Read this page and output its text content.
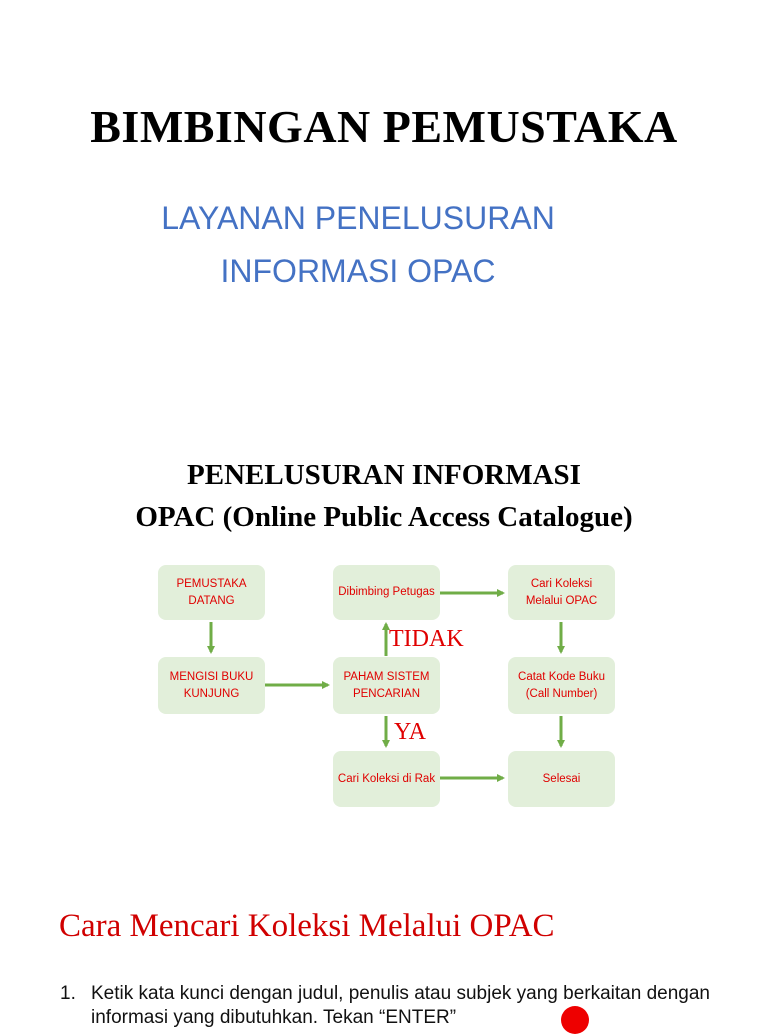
BIMBINGAN PEMUSTAKA
LAYANAN PENELUSURAN
INFORMASI OPAC
PENELUSURAN INFORMASI
OPAC (Online Public Access Catalogue)
PEMUSTAKA DATANG
MENGISI BUKU KUNJUNG
Dibimbing Petugas
PAHAM SISTEM PENCARIAN
Cari Koleksi di Rak
Cari Koleksi Melalui OPAC
Catat Kode Buku (Call Number)
Selesai
TIDAK
YA
Cara Mencari Koleksi Melalui OPAC
1. Ketik kata kunci dengan judul, penulis atau subjek yang berkaitan dengan informasi yang dibutuhkan. Tekan “ENTER”
